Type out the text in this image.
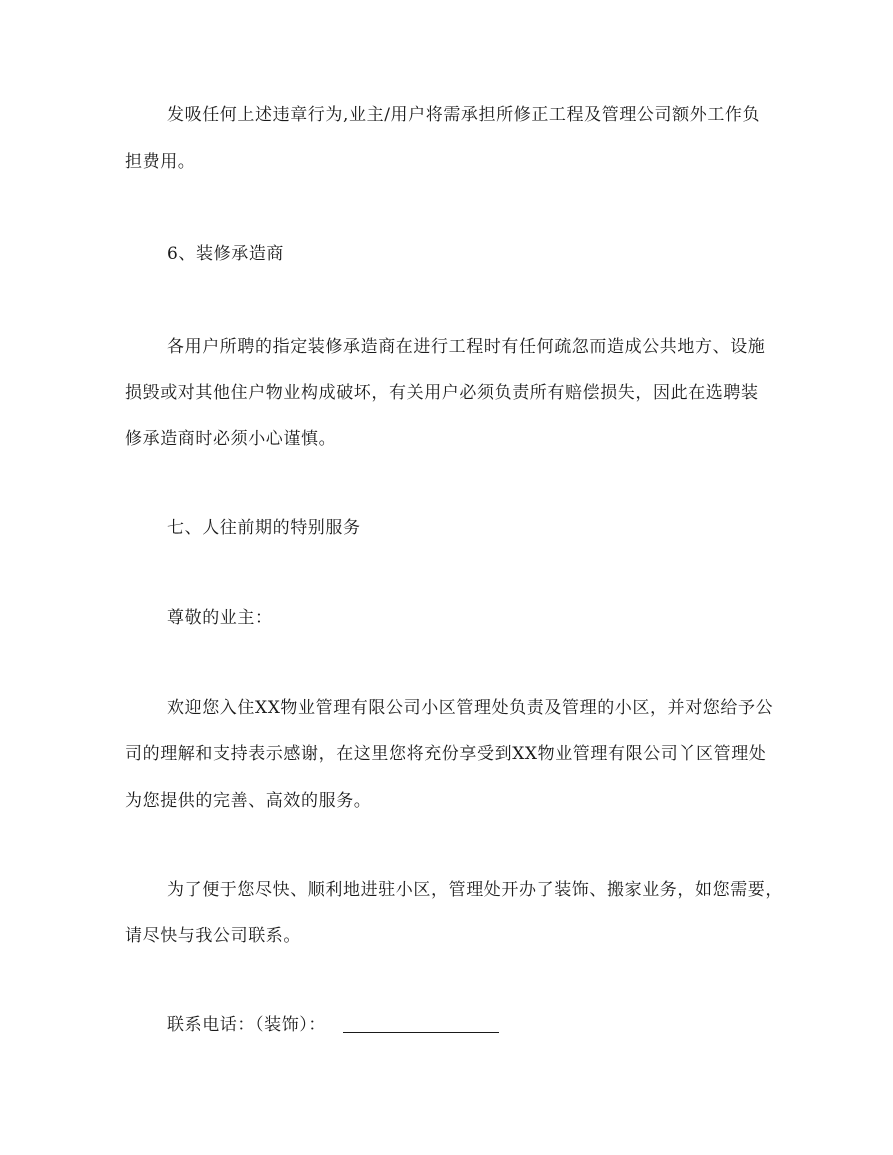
发吸任何上述违章行为,业主/用户将需承担所修正工程及管理公司额外工作负
担费用。
6、装修承造商
各用户所聘的指定装修承造商在进行工程时有任何疏忽而造成公共地方、设施
损毁或对其他住户物业构成破坏，有关用户必须负责所有赔偿损失，因此在选聘装
修承造商时必须小心谨慎。
七、人往前期的特别服务
尊敬的业主：
欢迎您入住XX物业管理有限公司小区管理处负责及管理的小区，并对您给予公
司的理解和支持表示感谢，在这里您将充份享受到XX物业管理有限公司丫区管理处
为您提供的完善、高效的服务。
为了便于您尽快、顺利地进驻小区，管理处开办了装饰、搬家业务，如您需要，
请尽快与我公司联系。
联系电话：（装饰）：
